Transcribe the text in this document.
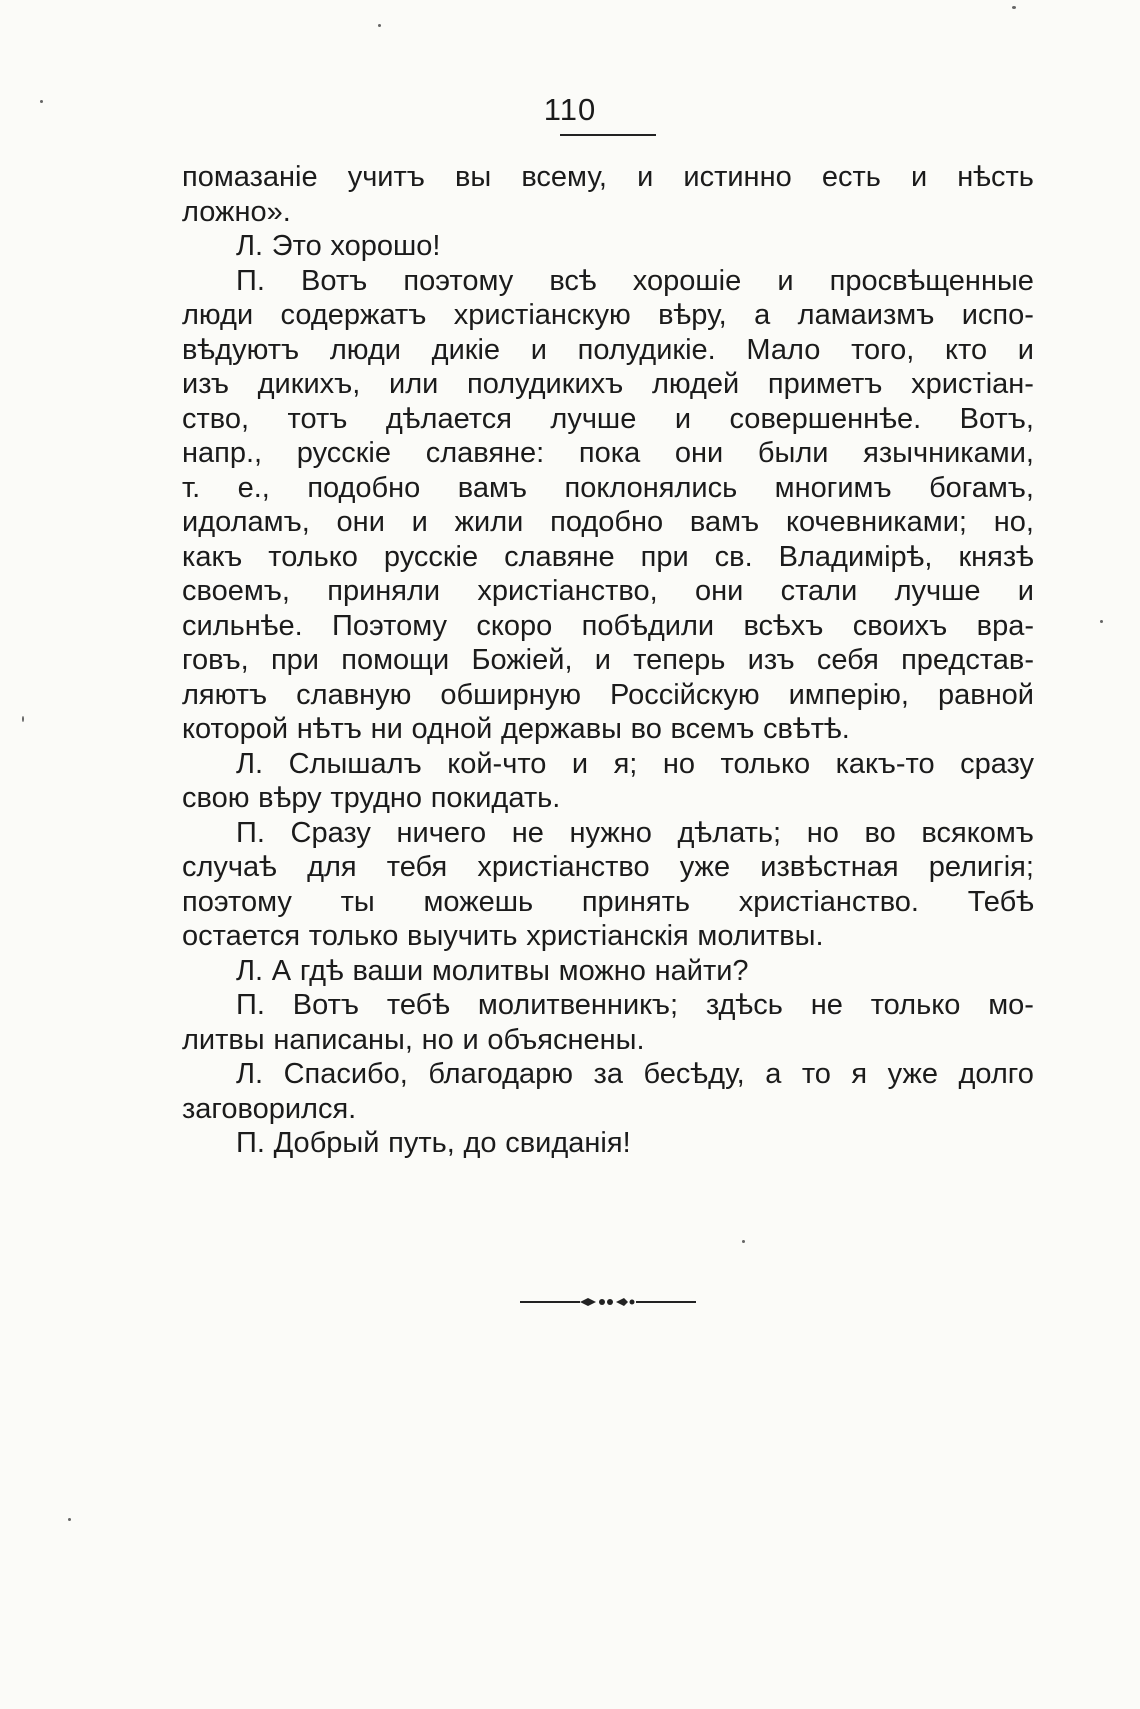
110
помазаніе учитъ вы всему, и истинно есть и нѣсть
ложно».
Л. Это хорошо!
П. Вотъ поэтому всѣ хорошіе и просвѣщенные
люди содержатъ христіанскую вѣру, а ламаизмъ испо-
вѣдуютъ люди дикіе и полудикіе. Мало того, кто и
изъ дикихъ, или полудикихъ людей приметъ христіан-
ство, тотъ дѣлается лучше и совершеннѣе. Вотъ,
напр., русскіе славяне: пока они были язычниками,
т. е., подобно вамъ поклонялись многимъ богамъ,
идоламъ, они и жили подобно вамъ кочевниками; но,
какъ только русскіе славяне при св. Владимірѣ, князѣ
своемъ, приняли христіанство, они стали лучше и
сильнѣе. Поэтому скоро побѣдили всѣхъ своихъ вра-
говъ, при помощи Божіей, и теперь изъ себя представ-
ляютъ славную обширную Россійскую имперію, равной
которой нѣтъ ни одной державы во всемъ свѣтѣ.
Л. Слышалъ кой-что и я; но только какъ-то сразу
свою вѣру трудно покидать.
П. Сразу ничего не нужно дѣлать; но во всякомъ
случаѣ для тебя христіанство уже извѣстная религія;
поэтому ты можешь принять христіанство. Тебѣ
остается только выучить христіанскія молитвы.
Л. А гдѣ ваши молитвы можно найти?
П. Вотъ тебѣ молитвенникъ; здѣсь не только мо-
литвы написаны, но и объяснены.
Л. Спасибо, благодарю за бесѣду, а то я уже долго
заговорился.
П. Добрый путь, до свиданія!
